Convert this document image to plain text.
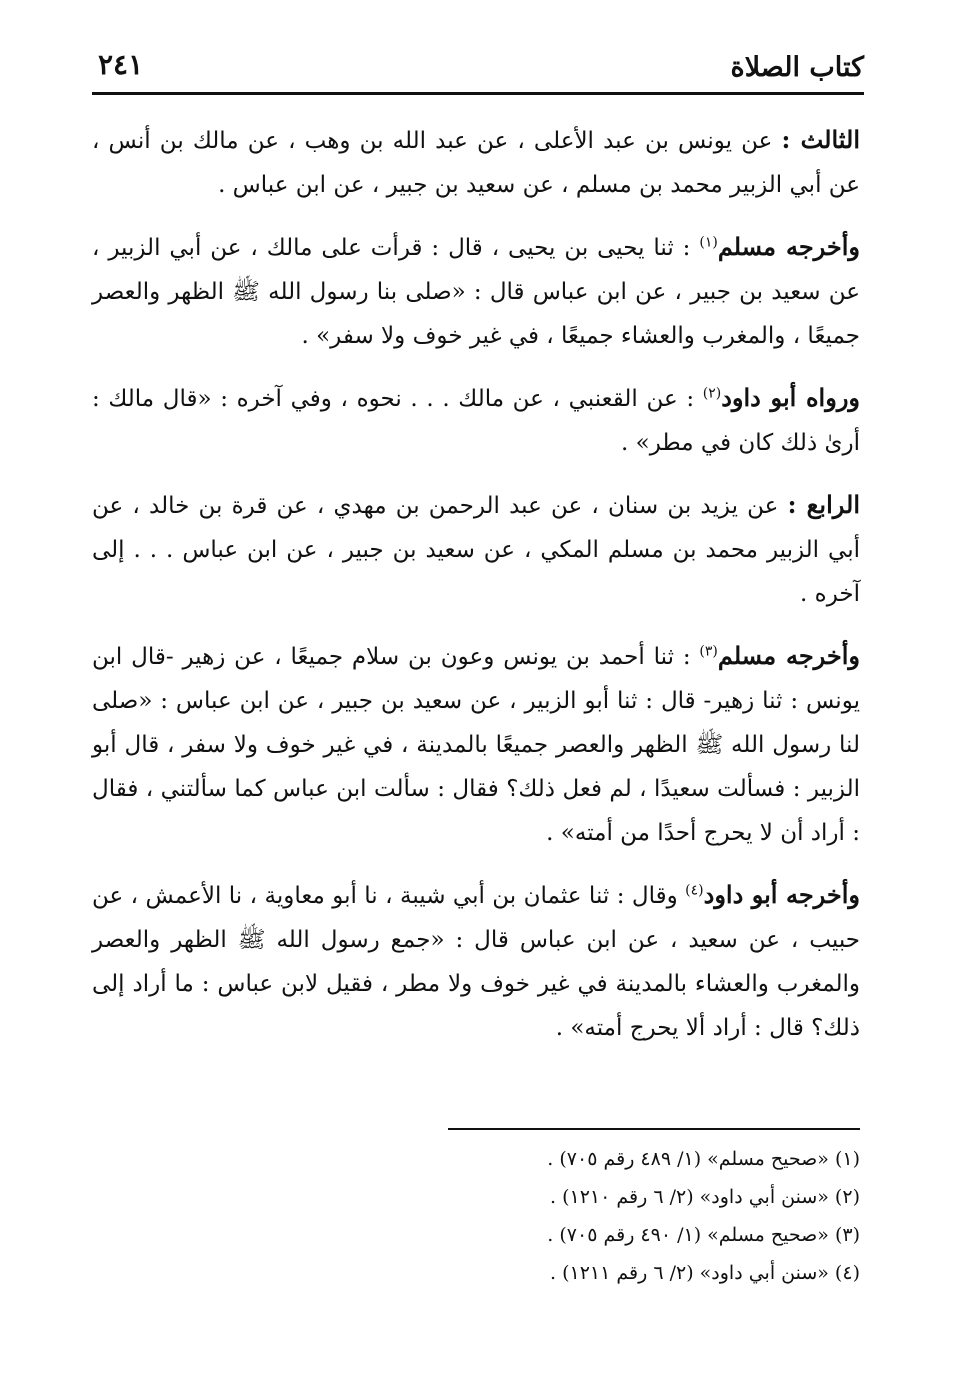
كتاب الصلاة
٢٤١

الثالث : عن يونس بن عبد الأعلى ، عن عبد الله بن وهب ، عن مالك بن أنس ، عن أبي الزبير محمد بن مسلم ، عن سعيد بن جبير ، عن ابن عباس .

وأخرجه مسلم$^{(١)}$ : ثنا يحيى بن يحيى ، قال : قرأت على مالك ، عن أبي الزبير ، عن سعيد بن جبير ، عن ابن عباس قال : «صلى بنا رسول الله ﷺ الظهر والعصر جميعًا ، والمغرب والعشاء جميعًا ، في غير خوف ولا سفر» .

ورواه أبو داود$^{(٢)}$ : عن القعنبي ، عن مالك . . . نحوه ، وفي آخره : «قال مالك : أرىٰ ذلك كان في مطر» .

الرابع : عن يزيد بن سنان ، عن عبد الرحمن بن مهدي ، عن قرة بن خالد ، عن أبي الزبير محمد بن مسلم المكي ، عن سعيد بن جبير ، عن ابن عباس . . . إلى آخره .

وأخرجه مسلم$^{(٣)}$ : ثنا أحمد بن يونس وعون بن سلام جميعًا ، عن زهير -قال ابن يونس : ثنا زهير- قال : ثنا أبو الزبير ، عن سعيد بن جبير ، عن ابن عباس : «صلى لنا رسول الله ﷺ الظهر والعصر جميعًا بالمدينة ، في غير خوف ولا سفر ، قال أبو الزبير : فسألت سعيدًا ، لم فعل ذلك؟ فقال : سألت ابن عباس كما سألتني ، فقال : أراد أن لا يحرج أحدًا من أمته» .

وأخرجه أبو داود$^{(٤)}$ وقال : ثنا عثمان بن أبي شيبة ، نا أبو معاوية ، نا الأعمش ، عن حبيب ، عن سعيد ، عن ابن عباس قال : «جمع رسول الله ﷺ الظهر والعصر والمغرب والعشاء بالمدينة في غير خوف ولا مطر ، فقيل لابن عباس : ما أراد إلى ذلك؟ قال : أراد ألا يحرج أمته» .

(١) «صحيح مسلم» (١/ ٤٨٩ رقم ٧٠٥) .
(٢) «سنن أبي داود» (٢/ ٦ رقم ١٢١٠) .
(٣) «صحيح مسلم» (١/ ٤٩٠ رقم ٧٠٥) .
(٤) «سنن أبي داود» (٢/ ٦ رقم ١٢١١) .
